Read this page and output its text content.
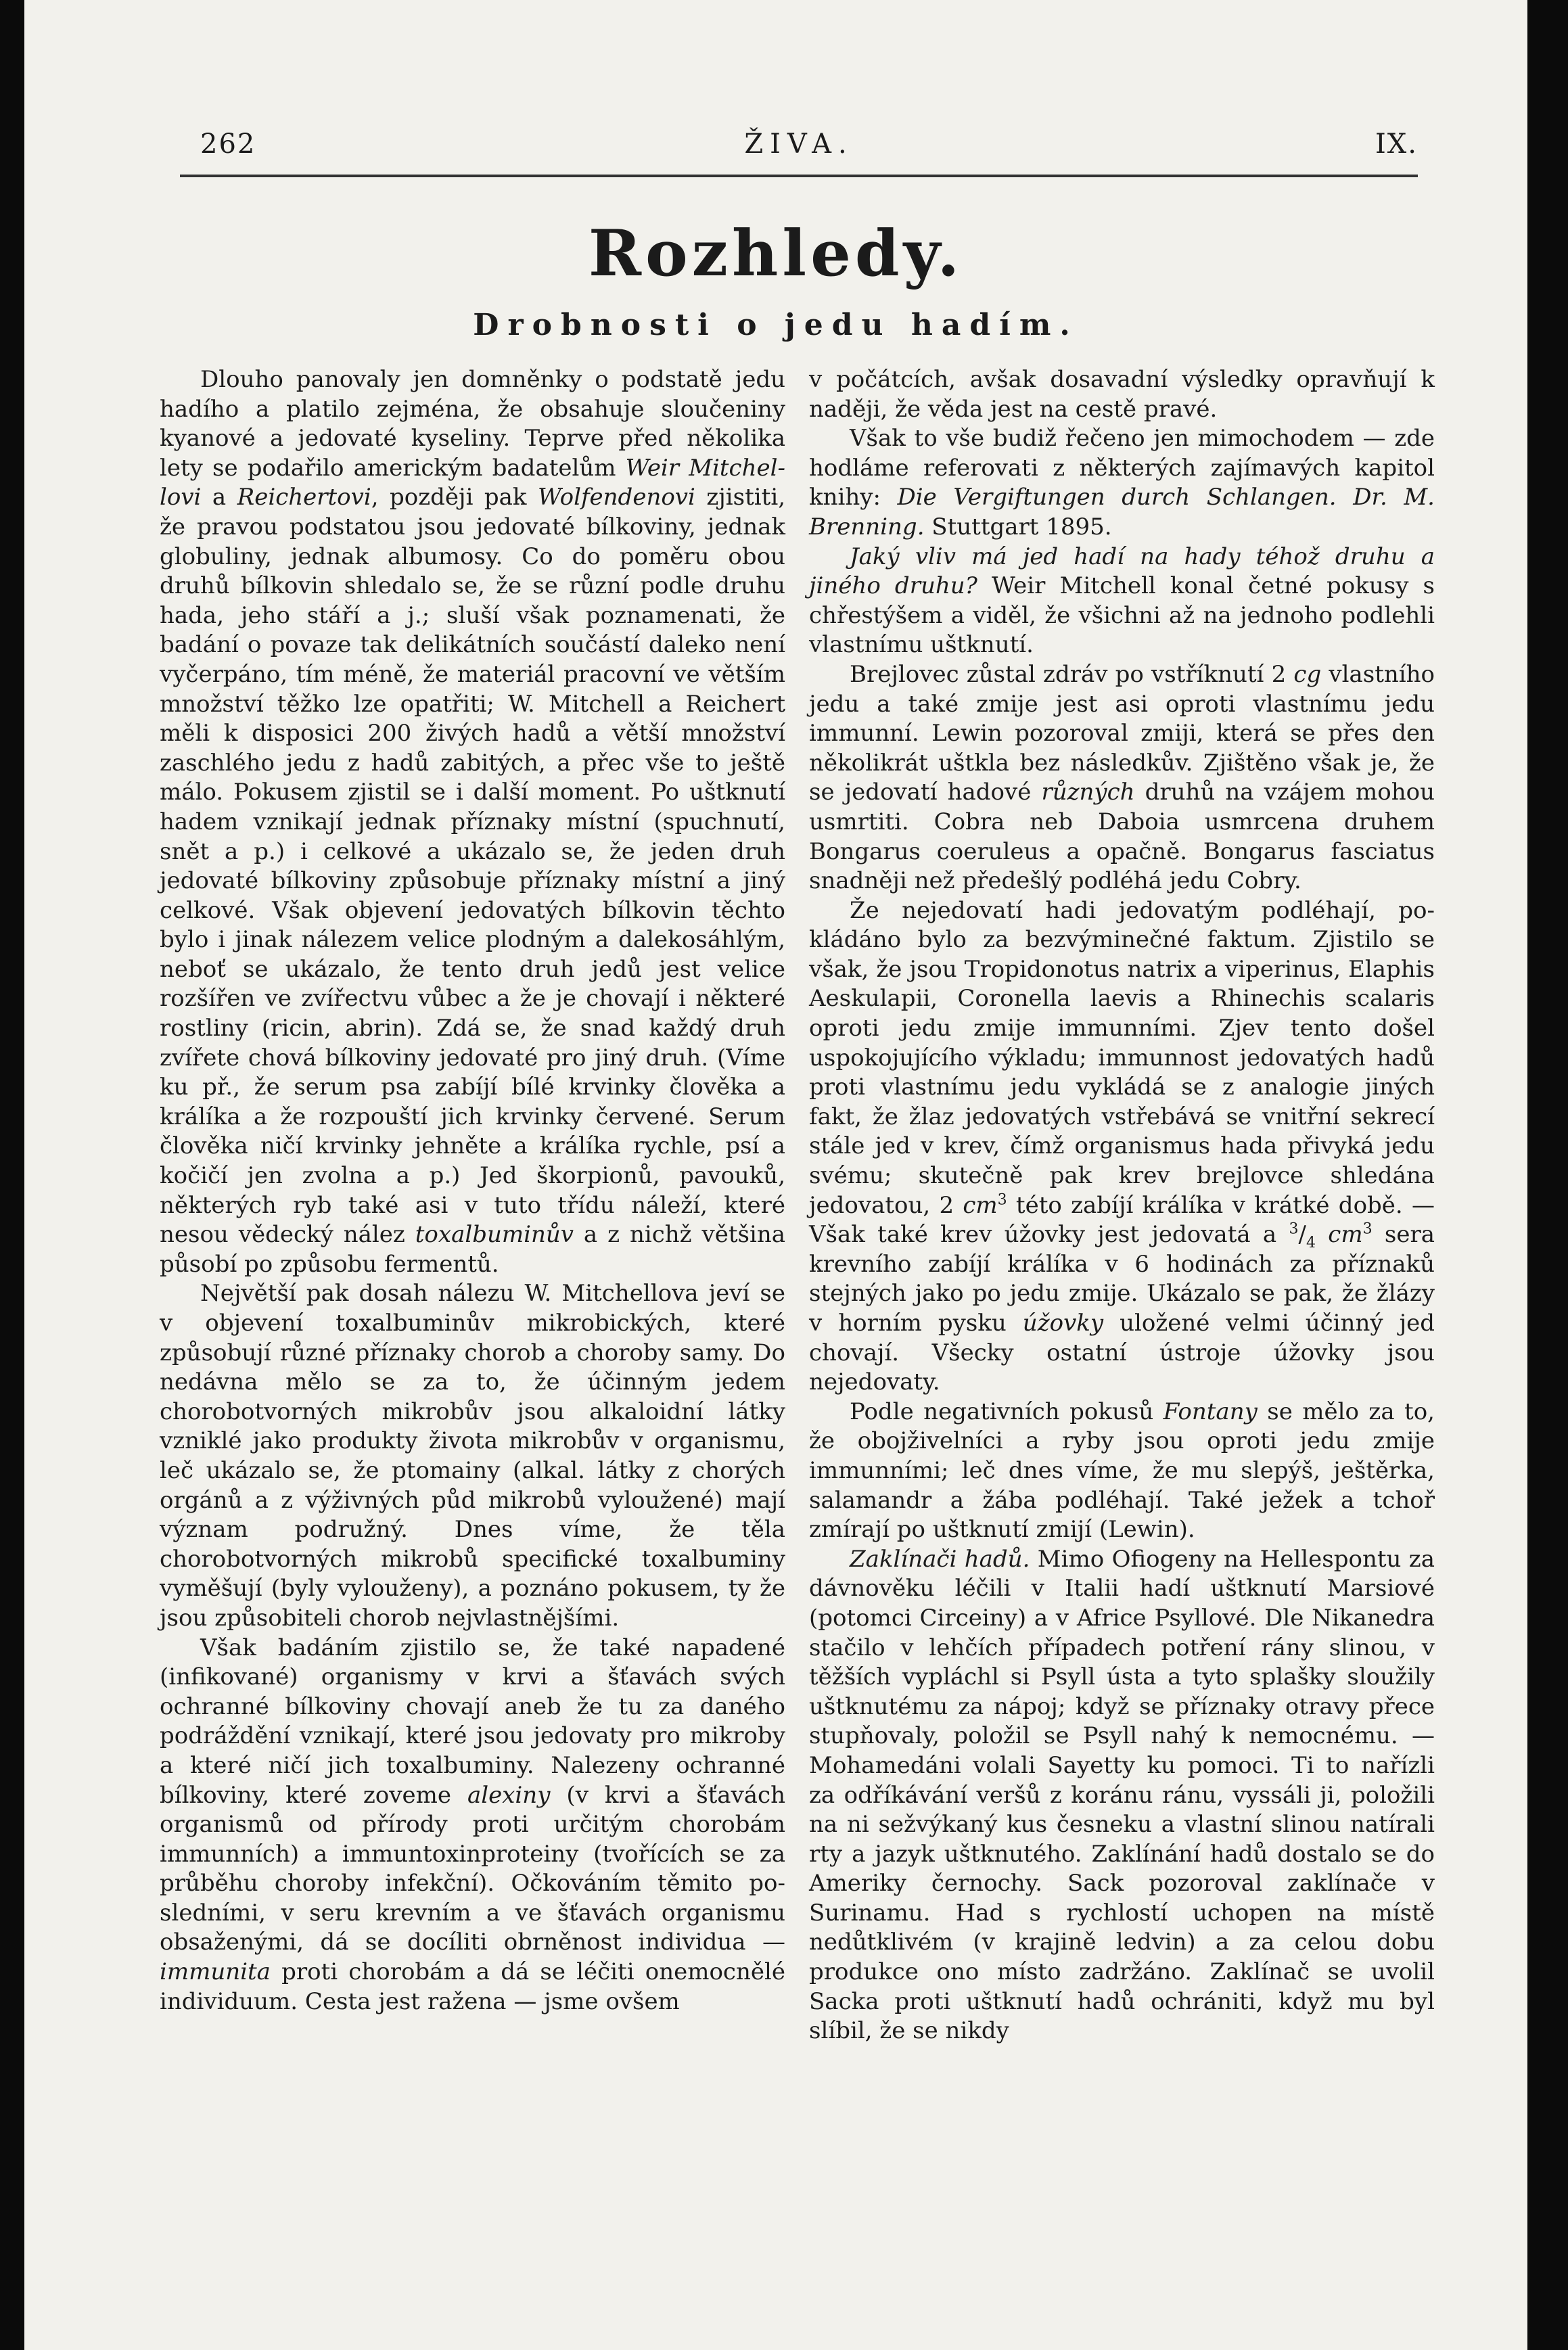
262	ŽIVA.	IX.
Rozhledy.
Drobnosti o jedu hadím.

Dlouho panovaly jen domněnky o podstatě jedu hadího a platilo zejména, že obsahuje sloučeniny kyanové a jedovaté kyseliny. Teprve před několika lety se podařilo americkým badatelům Weir Mitchellovi a Reichertovi, později pak Wolfendenovi zjistiti, že pravou podstatou jsou jedovaté bílkoviny, jednak globuliny, jednak albumosy. Co do poměru obou druhů bílkovin shledalo se, že se různí podle druhu hada, jeho stáří a j.; sluší však poznamenati, že badání o povaze tak delikátních součástí daleko není vyčerpáno, tím méně, že materiál pracovní ve větším množství těžko lze opatřiti; W. Mitchell a Reichert měli k disposici 200 živých hadů a větší množství zaschlého jedu z hadů zabitých, a přec vše to ještě málo. Pokusem zjistil se i další moment. Po uštknutí hadem vznikají jednak příznaky místní (spuchnutí, snět a p.) i celkové a ukázalo se, že jeden druh jedovaté bílkoviny způsobuje příznaky místní a jiný celkové. Však objevení jedovatých bílkovin těchto bylo i jinak nálezem velice plodným a dalekosáhlým, neboť se ukázalo, že tento druh jedů jest velice rozšířen ve zvířectvu vůbec a že je chovají i některé rostliny (ricin, abrin). Zdá se, že snad každý druh zvířete chová bílkoviny jedovaté pro jiný druh. (Víme ku př., že serum psa zabíjí bílé krvinky člověka a králíka a že rozpouští jich krvinky červené. Serum člověka ničí krvinky jehněte a králíka rychle, psí a kočičí jen zvolna a p.) Jed škorpionů, pavouků, některých ryb také asi v tuto třídu náleží, které nesou vědecký nález toxalbuminův a z nichž většina působí po způsobu fermentů.

Největší pak dosah nálezu W. Mitchellova jeví se v objevení toxalbuminův mikrobických, které způsobují různé příznaky chorob a choroby samy. Do nedávna mělo se za to, že účinným jedem chorobotvorných mikrobův jsou alkaloidní látky vzniklé jako produkty života mikrobův v organismu, leč ukázalo se, že ptomainy (alkal. látky z chorých orgánů a z výživných půd mikrobů vyloužené) mají význam podružný. Dnes víme, že těla chorobotvorných mikrobů specifické toxalbuminy vyměšují (byly vylouženy), a poznáno pokusem, ty že jsou způsobiteli chorob nejvlastnějšími.

Však badáním zjistilo se, že také napadené (infikované) organismy v krvi a šťavách svých ochranné bílkoviny chovají aneb že tu za daného podráždění vznikají, které jsou jedovaty pro mikroby a které ničí jich toxalbuminy. Nalezeny ochranné bílkoviny, které zoveme alexiny (v krvi a šťavách organismů od přírody proti určitým chorobám immunních) a immuntoxinproteiny (tvořících se za průběhu choroby infekční). Očkováním těmito posledními, v seru krevním a ve šťavách organismu obsaženými, dá se docíliti obrněnost individua — immunita proti chorobám a dá se léčiti onemocnělé individuum. Cesta jest ražena — jsme ovšem

v počátcích, avšak dosavadní výsledky opravňují k naději, že věda jest na cestě pravé.

Však to vše budiž řečeno jen mimochodem — zde hodláme referovati z některých zajímavých kapitol knihy: Die Vergiftungen durch Schlangen. Dr. M. Brenning. Stuttgart 1895.

Jaký vliv má jed hadí na hady téhož druhu a jiného druhu? Weir Mitchell konal četné pokusy s chřestýšem a viděl, že všichni až na jednoho podlehli vlastnímu uštknutí.

Brejlovec zůstal zdráv po vstříknutí 2 cg vlastního jedu a také zmije jest asi oproti vlastnímu jedu immunní. Lewin pozoroval zmiji, která se přes den několikrát uštkla bez následkův. Zjištěno však je, že se jedovatí hadové různých druhů na vzájem mohou usmrtiti. Cobra neb Daboia usmrcena druhem Bongarus coeruleus a opačně. Bongarus fasciatus snadněji než předešlý podléhá jedu Cobry.

Že nejedovatí hadi jedovatým podléhají, pokládáno bylo za bezvýminečné faktum. Zjistilo se však, že jsou Tropidonotus natrix a viperinus, Elaphis Aeskulapii, Coronella laevis a Rhinechis scalaris oproti jedu zmije immunními. Zjev tento došel uspokojujícího výkladu; immunnost jedovatých hadů proti vlastnímu jedu vykládá se z analogie jiných fakt, že žlaz jedovatých vstřebává se vnitřní sekrecí stále jed v krev, čímž organismus hada přivyká jedu svému; skutečně pak krev brejlovce shledána jedovatou, 2 $cm^3$ této zabíjí králíka v krátké době. — Však také krev úžovky jest jedovatá a $^3/_4$ $cm^3$ sera krevního zabíjí králíka v 6 hodinách za příznaků stejných jako po jedu zmije. Ukázalo se pak, že žlázy v horním pysku úžovky uložené velmi účinný jed chovají. Všecky ostatní ústroje úžovky jsou nejedovaty.

Podle negativních pokusů Fontany se mělo za to, že obojživelníci a ryby jsou oproti jedu zmije immunními; leč dnes víme, že mu slepýš, ještěrka, salamandr a žába podléhají. Také ježek a tchoř zmírají po uštknutí zmijí (Lewin).

Zaklínači hadů. Mimo Ofiogeny na Hellespontu za dávnověku léčili v Italii hadí uštknutí Marsiové (potomci Circeiny) a v Africe Psyllové. Dle Nikanedra stačilo v lehčích případech potření rány slinou, v těžších vypláchl si Psyll ústa a tyto splašky sloužily uštknutému za nápoj; když se příznaky otravy přece stupňovaly, položil se Psyll nahý k nemocnému. — Mohamedáni volali Sayetty ku pomoci. Ti to nařízli za odříkávání veršů z koránu ránu, vyssáli ji, položili na ni sežvýkaný kus česneku a vlastní slinou natírali rty a jazyk uštknutého. Zaklínání hadů dostalo se do Ameriky černochy. Sack pozoroval zaklínače v Surinamu. Had s rychlostí uchopen na místě nedůtklivém (v krajině ledvin) a za celou dobu produkce ono místo zadržáno. Zaklínač se uvolil Sacka proti uštknutí hadů ochrániti, když mu byl slíbil, že se nikdy
